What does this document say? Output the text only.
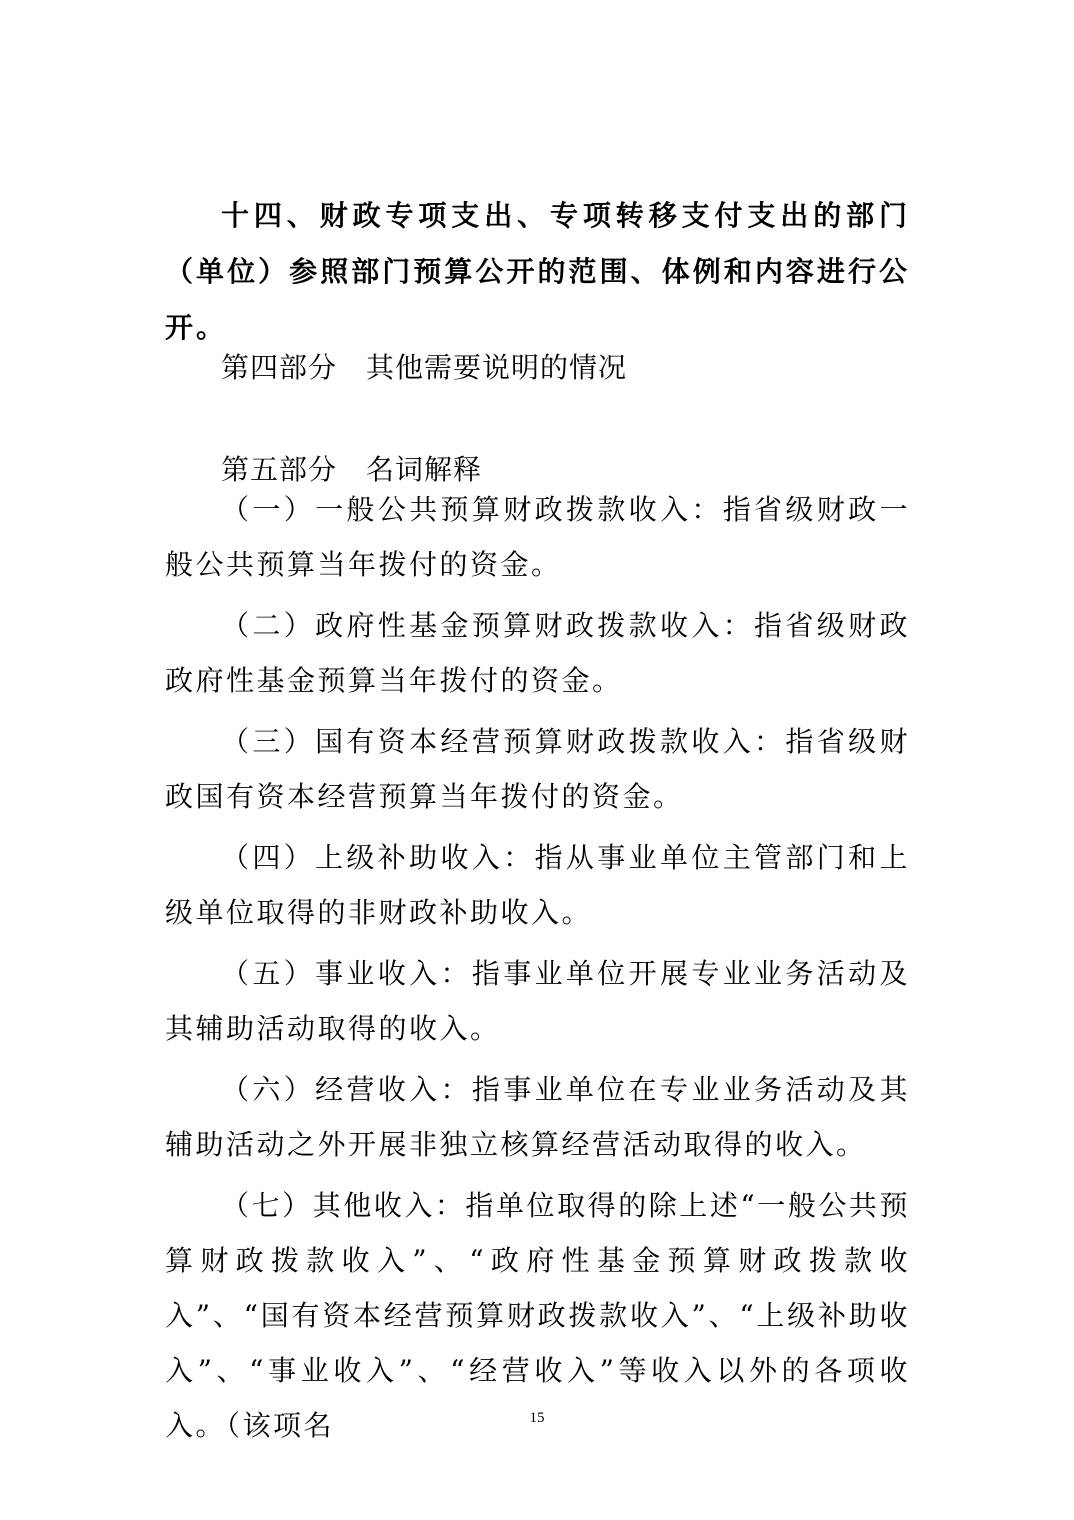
十四、财政专项支出、专项转移支付支出的部门（单位）参照部门预算公开的范围、体例和内容进行公开。
第四部分　其他需要说明的情况
第五部分　名词解释

（一）一般公共预算财政拨款收入：指省级财政一般公共预算当年拨付的资金。

（二）政府性基金预算财政拨款收入：指省级财政政府性基金预算当年拨付的资金。

（三）国有资本经营预算财政拨款收入：指省级财政国有资本经营预算当年拨付的资金。

（四）上级补助收入：指从事业单位主管部门和上级单位取得的非财政补助收入。

（五）事业收入：指事业单位开展专业业务活动及其辅助活动取得的收入。

（六）经营收入：指事业单位在专业业务活动及其辅助活动之外开展非独立核算经营活动取得的收入。

（七）其他收入：指单位取得的除上述“一般公共预算财政拨款收入”、“政府性基金预算财政拨款收入”、“国有资本经营预算财政拨款收入”、“上级补助收入”、“事业收入”、“经营收入”等收入以外的各项收入。（该项名	15
